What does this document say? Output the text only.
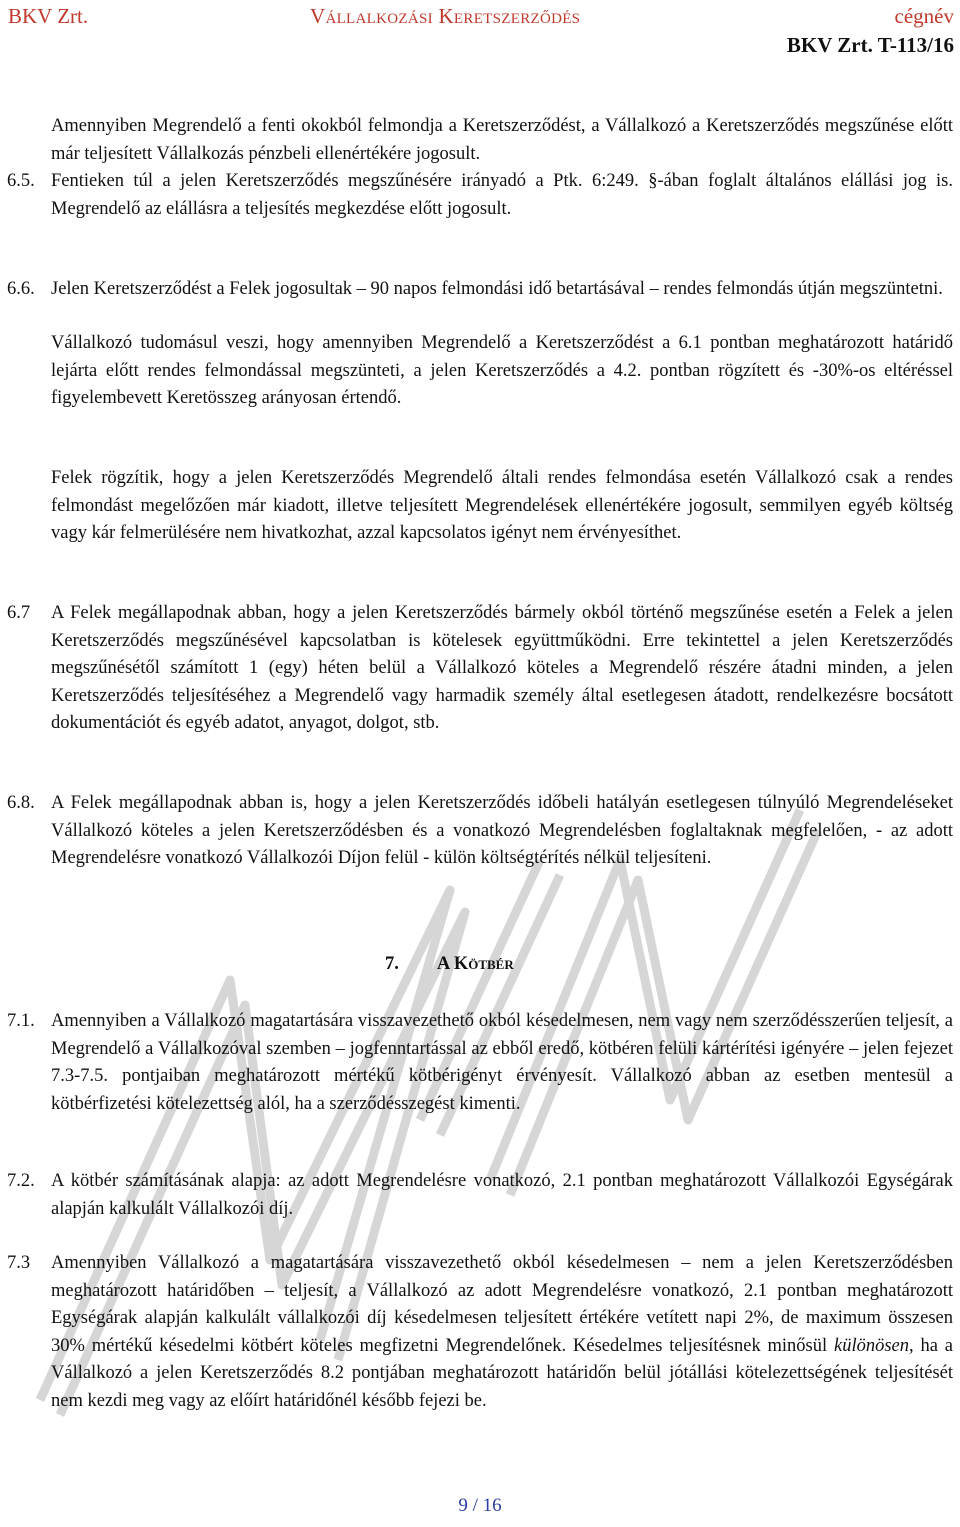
BKV Zrt.	Vállalkozási Keretszerződés	cégnév
BKV Zrt. T-113/16

Amennyiben Megrendelő a fenti okokból felmondja a Keretszerződést, a Vállalkozó a Keretszerződés megszűnése előtt már teljesített Vállalkozás pénzbeli ellenértékére jogosult.

6.5. Fentieken túl a jelen Keretszerződés megszűnésére irányadó a Ptk. 6:249. §-ában foglalt általános elállási jog is. Megrendelő az elállásra a teljesítés megkezdése előtt jogosult.

6.6. Jelen Keretszerződést a Felek jogosultak – 90 napos felmondási idő betartásával – rendes felmondás útján megszüntetni.

Vállalkozó tudomásul veszi, hogy amennyiben Megrendelő a Keretszerződést a 6.1 pontban meghatározott határidő lejárta előtt rendes felmondással megszünteti, a jelen Keretszerződés a 4.2. pontban rögzített és -30%-os eltéréssel figyelembevett Keretösszeg arányosan értendő.

Felek rögzítik, hogy a jelen Keretszerződés Megrendelő általi rendes felmondása esetén Vállalkozó csak a rendes felmondást megelőzően már kiadott, illetve teljesített Megrendelések ellenértékére jogosult, semmilyen egyéb költség vagy kár felmerülésére nem hivatkozhat, azzal kapcsolatos igényt nem érvényesíthet.

6.7 A Felek megállapodnak abban, hogy a jelen Keretszerződés bármely okból történő megszűnése esetén a Felek a jelen Keretszerződés megszűnésével kapcsolatban is kötelesek együttműködni. Erre tekintettel a jelen Keretszerződés megszűnésétől számított 1 (egy) héten belül a Vállalkozó köteles a Megrendelő részére átadni minden, a jelen Keretszerződés teljesítéséhez a Megrendelő vagy harmadik személy által esetlegesen átadott, rendelkezésre bocsátott dokumentációt és egyéb adatot, anyagot, dolgot, stb.

6.8. A Felek megállapodnak abban is, hogy a jelen Keretszerződés időbeli hatályán esetlegesen túlnyúló Megrendeléseket Vállalkozó köteles a jelen Keretszerződésben és a vonatkozó Megrendelésben foglaltaknak megfelelően, - az adott Megrendelésre vonatkozó Vállalkozói Díjon felül - külön költségtérítés nélkül teljesíteni.

7. A Kötbér
7.1. Amennyiben a Vállalkozó magatartására visszavezethető okból késedelmesen, nem vagy nem szerződésszerűen teljesít, a Megrendelő a Vállalkozóval szemben – jogfenntartással az ebből eredő, kötbéren felüli kártérítési igényére – jelen fejezet 7.3-7.5. pontjaiban meghatározott mértékű kötbérigényt érvényesít. Vállalkozó abban az esetben mentesül a kötbérfizetési kötelezettség alól, ha a szerződésszegést kimenti.

7.2. A kötbér számításának alapja: az adott Megrendelésre vonatkozó, 2.1 pontban meghatározott Vállalkozói Egységárak alapján kalkulált Vállalkozói díj.

7.3 Amennyiben Vállalkozó a magatartására visszavezethető okból késedelmesen – nem a jelen Keretszerződésben meghatározott határidőben – teljesít, a Vállalkozó az adott Megrendelésre vonatkozó, 2.1 pontban meghatározott Egységárak alapján kalkulált vállalkozói díj késedelmesen teljesített értékére vetített napi 2%, de maximum összesen 30% mértékű késedelmi kötbért köteles megfizetni Megrendelőnek. Késedelmes teljesítésnek minősül különösen, ha a Vállalkozó a jelen Keretszerződés 8.2 pontjában meghatározott határidőn belül jótállási kötelezettségének teljesítését nem kezdi meg vagy az előírt határidőnél később fejezi be.

9 / 16
